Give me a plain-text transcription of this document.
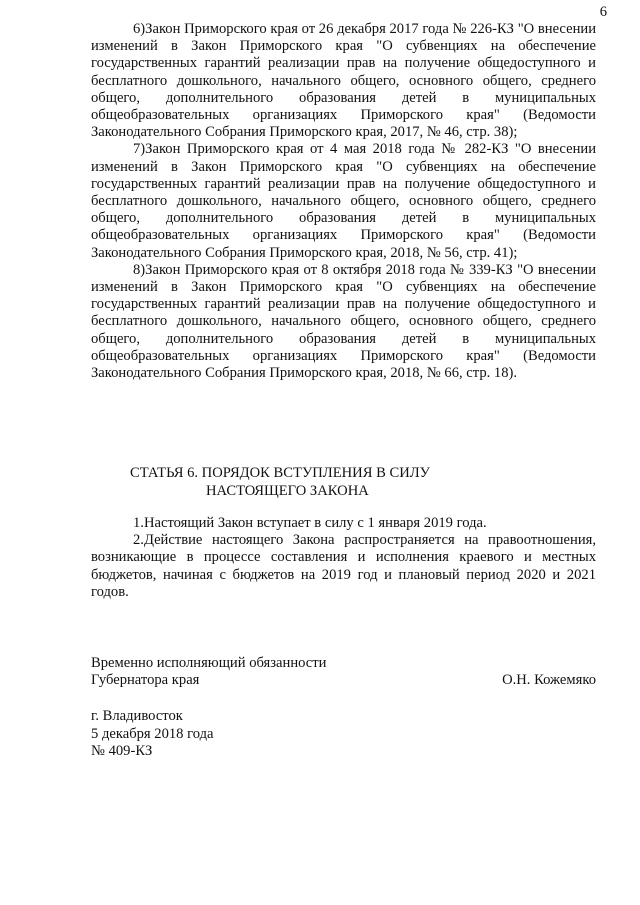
6

6)Закон Приморского края от 26 декабря 2017 года № 226-КЗ "О внесении изменений в Закон Приморского края "О субвенциях на обеспечение государственных гарантий реализации прав на получение общедоступного и бесплатного дошкольного, начального общего, основного общего, среднего общего, дополнительного образования детей в муниципальных общеобразовательных организациях Приморского края" (Ведомости Законодательного Собрания Приморского края, 2017, № 46, стр. 38);

7)Закон Приморского края от 4 мая 2018 года № 282-КЗ "О внесении изменений в Закон Приморского края "О субвенциях на обеспечение государственных гарантий реализации прав на получение общедоступного и бесплатного дошкольного, начального общего, основного общего, среднего общего, дополнительного образования детей в муниципальных общеобразовательных организациях Приморского края" (Ведомости Законодательного Собрания Приморского края, 2018, № 56, стр. 41);

8)Закон Приморского края от 8 октября 2018 года № 339-КЗ "О внесении изменений в Закон Приморского края "О субвенциях на обеспечение государственных гарантий реализации прав на получение общедоступного и бесплатного дошкольного, начального общего, основного общего, среднего общего, дополнительного образования детей в муниципальных общеобразовательных организациях Приморского края" (Ведомости Законодательного Собрания Приморского края, 2018, № 66, стр. 18).

СТАТЬЯ 6. ПОРЯДОК ВСТУПЛЕНИЯ В СИЛУ
НАСТОЯЩЕГО ЗАКОНА

1.Настоящий Закон вступает в силу с 1 января 2019 года.

2.Действие настоящего Закона распространяется на правоотношения, возникающие в процессе составления и исполнения краевого и местных бюджетов, начиная с бюджетов на 2019 год и плановый период 2020 и 2021 годов.

Временно исполняющий обязанности
Губернатора края	О.Н. Кожемяко
г. Владивосток
5 декабря 2018 года
№ 409-КЗ
